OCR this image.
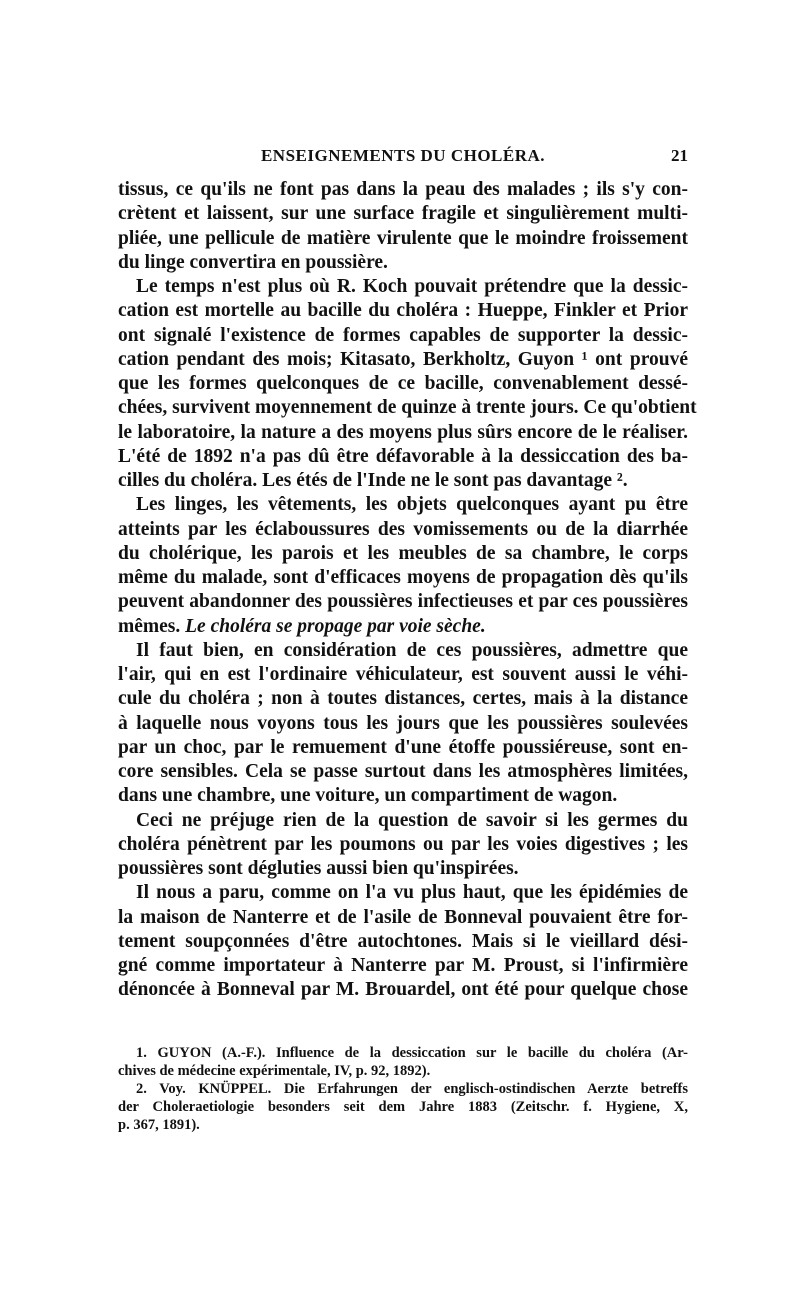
ENSEIGNEMENTS DU CHOLÉRA.	21
tissus, ce qu'ils ne font pas dans la peau des malades ; ils s'y con-
crètent et laissent, sur une surface fragile et singulièrement multi-
pliée, une pellicule de matière virulente que le moindre froissement
du linge convertira en poussière.
Le temps n'est plus où R. Koch pouvait prétendre que la dessic-
cation est mortelle au bacille du choléra : Hueppe, Finkler et Prior
ont signalé l'existence de formes capables de supporter la dessic-
cation pendant des mois; Kitasato, Berkholtz, Guyon ¹ ont prouvé
que les formes quelconques de ce bacille, convenablement dessé-
chées, survivent moyennement de quinze à trente jours. Ce qu'obtient
le laboratoire, la nature a des moyens plus sûrs encore de le réaliser.
L'été de 1892 n'a pas dû être défavorable à la dessiccation des ba-
cilles du choléra. Les étés de l'Inde ne le sont pas davantage ².
Les linges, les vêtements, les objets quelconques ayant pu être
atteints par les éclaboussures des vomissements ou de la diarrhée
du cholérique, les parois et les meubles de sa chambre, le corps
même du malade, sont d'efficaces moyens de propagation dès qu'ils
peuvent abandonner des poussières infectieuses et par ces poussières
mêmes. Le choléra se propage par voie sèche.
Il faut bien, en considération de ces poussières, admettre que
l'air, qui en est l'ordinaire véhiculateur, est souvent aussi le véhi-
cule du choléra ; non à toutes distances, certes, mais à la distance
à laquelle nous voyons tous les jours que les poussières soulevées
par un choc, par le remuement d'une étoffe poussiéreuse, sont en-
core sensibles. Cela se passe surtout dans les atmosphères limitées,
dans une chambre, une voiture, un compartiment de wagon.
Ceci ne préjuge rien de la question de savoir si les germes du
choléra pénètrent par les poumons ou par les voies digestives ; les
poussières sont dégluties aussi bien qu'inspirées.
Il nous a paru, comme on l'a vu plus haut, que les épidémies de
la maison de Nanterre et de l'asile de Bonneval pouvaient être for-
tement soupçonnées d'être autochtones. Mais si le vieillard dési-
gné comme importateur à Nanterre par M. Proust, si l'infirmière
dénoncée à Bonneval par M. Brouardel, ont été pour quelque chose
1. GUYON (A.-F.). Influence de la dessiccation sur le bacille du choléra (Ar-
chives de médecine expérimentale, IV, p. 92, 1892).
2. Voy. KNÜPPEL. Die Erfahrungen der englisch-ostindischen Aerzte betreffs
der Choleraetiologie besonders seit dem Jahre 1883 (Zeitschr. f. Hygiene, X,
p. 367, 1891).
